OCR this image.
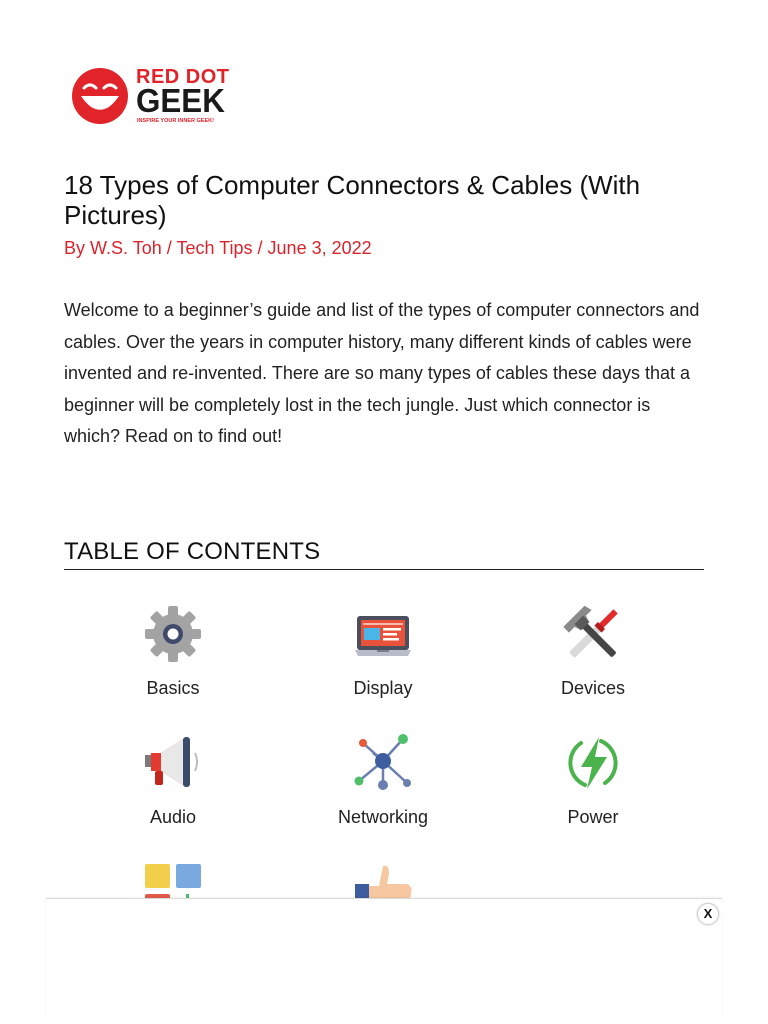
RED DOT
GEEK
INSPIRE YOUR INNER GEEK!
18 Types of Computer Connectors & Cables (With Pictures)
By W.S. Toh / Tech Tips / June 3, 2022

Welcome to a beginner’s guide and list of the types of computer connectors and cables. Over the years in computer history, many different kinds of cables were invented and re-invented. There are so many types of cables these days that a beginner will be completely lost in the tech jungle. Just which connector is which? Read on to find out!

TABLE OF CONTENTS
Basics	Display	Devices
Audio	Networking	Power
X
